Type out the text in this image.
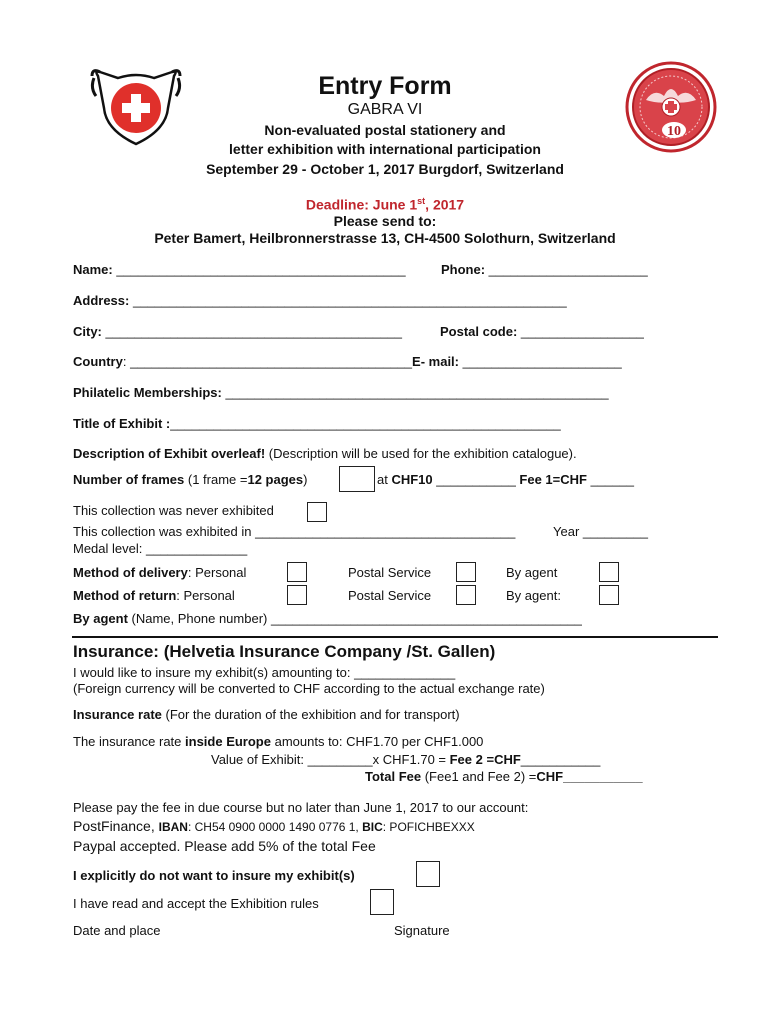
10
Entry Form
GABRA VI
Non-evaluated postal stationery and
letter exhibition with international participation
September 29 - October 1, 2017 Burgdorf, Switzerland
Deadline: June 1st, 2017
Please send to:
Peter Bamert, Heilbronnerstrasse 13, CH-4500 Solothurn, Switzerland
Name: ________________________________________	Phone: ______________________
Address: ____________________________________________________________
City: _________________________________________	Postal code: _________________
Country: _______________________________________E- mail: ______________________
Philatelic Memberships: _____________________________________________________
Title of Exhibit :______________________________________________________
Description of Exhibit overleaf! (Description will be used for the exhibition catalogue).
Number of frames (1 frame =12 pages)	at CHF10 ___________ Fee 1=CHF ______
This collection was never exhibited
This collection was exhibited in ____________________________________	Year _________
Medal level: ______________
Method of delivery: Personal	Postal Service	By agent
Method of return: Personal	Postal Service	By agent:
By agent (Name, Phone number) ___________________________________________
Insurance: (Helvetia Insurance Company /St. Gallen)
I would like to insure my exhibit(s) amounting to: ______________
(Foreign currency will be converted to CHF according to the actual exchange rate)
Insurance rate (For the duration of the exhibition and for transport)
The insurance rate inside Europe amounts to: CHF1.70 per CHF1.000
Value of Exhibit: _________x CHF1.70 = Fee 2 =CHF___________
Total Fee (Fee1 and Fee 2) =CHF___________
Please pay the fee in due course but no later than June 1, 2017 to our account:
PostFinance, IBAN: CH54 0900 0000 1490 0776 1, BIC: POFICHBEXXX
Paypal accepted. Please add 5% of the total Fee
I explicitly do not want to insure my exhibit(s)
I have read and accept the Exhibition rules
Date and place	Signature
